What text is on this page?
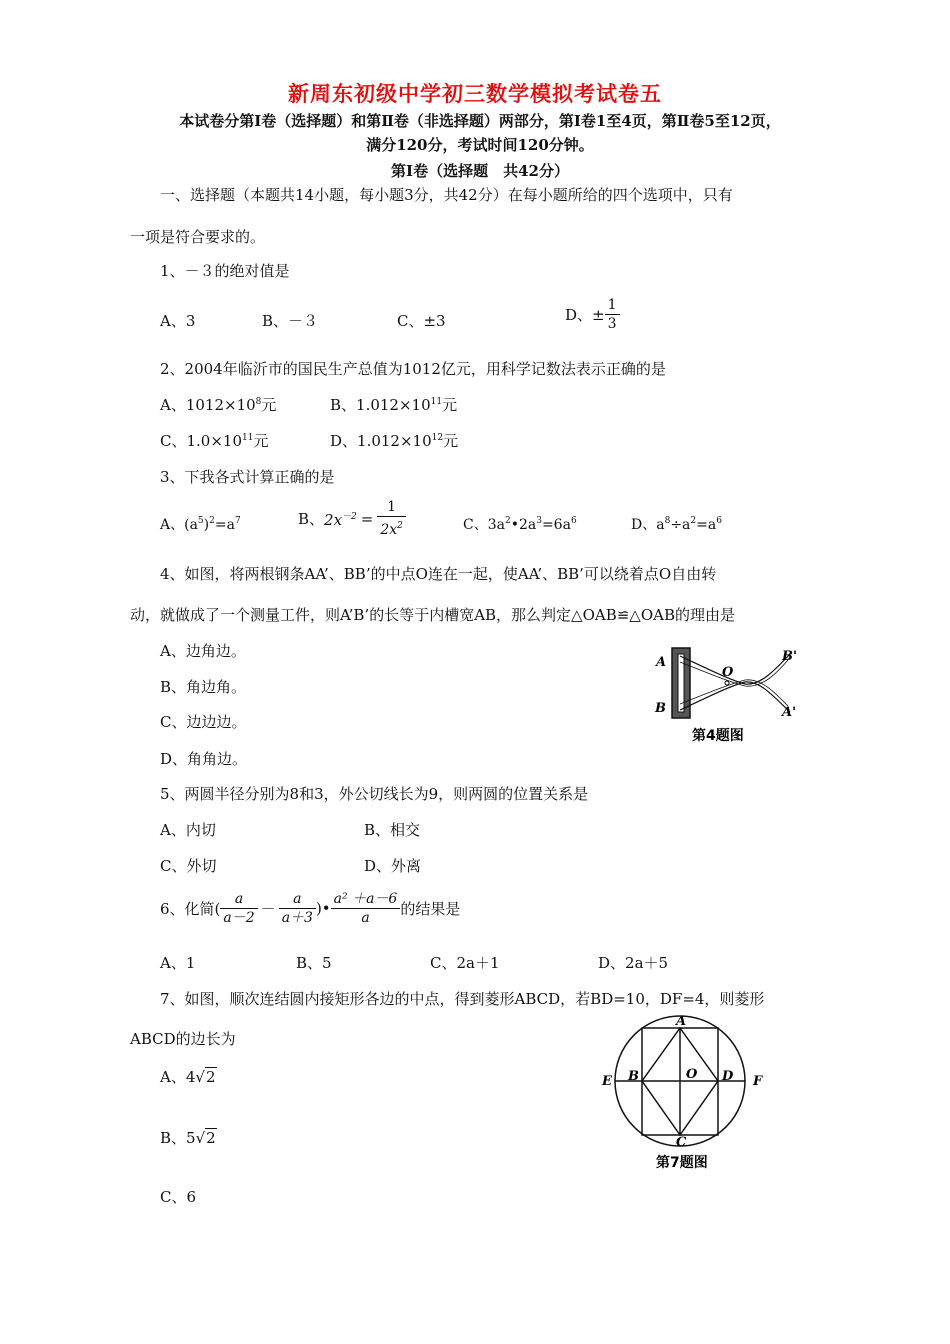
新周东初级中学初三数学模拟考试卷五
本试卷分第Ⅰ卷（选择题）和第Ⅱ卷（非选择题）两部分，第Ⅰ卷1至4页，第Ⅱ卷5至12页，
满分120分，考试时间120分钟。
第Ⅰ卷（选择题　共42分）
一、选择题（本题共14小题，每小题3分，共42分）在每小题所给的四个选项中，只有
一项是符合要求的。
1、－３的绝对值是
A、3	B、－３	C、±3	D、± $\frac{1}{3}$
2、2004年临沂市的国民生产总值为1012亿元，用科学记数法表示正确的是
A、$1012\times 10^8$元	B、$1.012\times 10^{11}$元
C、$1.0\times 10^{11}$元	D、$1.012\times 10^{12}$元
3、下我各式计算正确的是
A、$(a^5)^2=a^7$	B、$2x^{-2} = \frac{1}{2x^2}$	C、$3a^2•2a^3=6a^6$	D、$a^8\div a^2=a^6$
4、如图，将两根钢条AA’、BB’的中点O连在一起，使AA’、BB’可以绕着点O自由转
动，就做成了一个测量工件，则A’B’的长等于内槽宽AB，那么判定△OAB≌△OAB的理由是
A、边角边。
B、角边角。
C、边边边。
D、角角边。
A
B
O
B'
A'
第4题图
5、两圆半径分别为8和3，外公切线长为9，则两圆的位置关系是
A、内切	B、相交
C、外切	D、外离
6、化简( $\frac{a}{a-2} - \frac{a}{a+3}$ )• $\frac{\text{a² ＋a－6}}{a}$ 的结果是
A、1	B、5	C、2a＋1	D、2a＋5
7、如图，顺次连结圆内接矩形各边的中点，得到菱形ABCD，若BD=10，DF=4，则菱形
ABCD的边长为
A、4√2
B、5√2
C、6
A
B
C
D
E	F
O
第7题图
